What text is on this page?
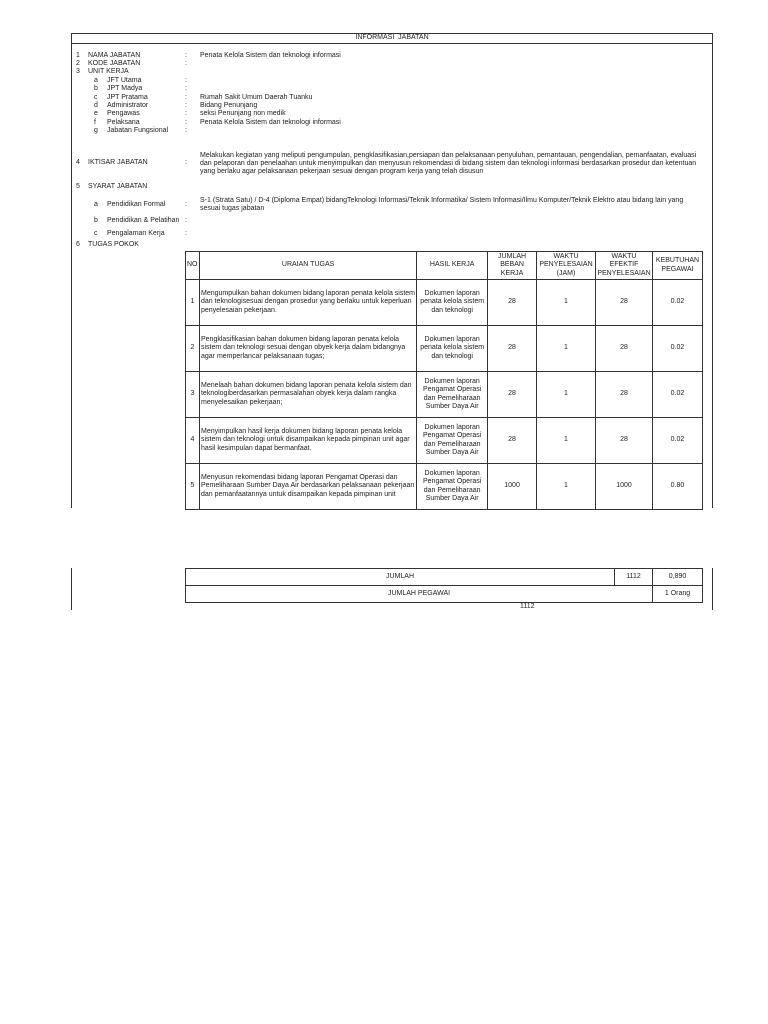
INFORMASI  JABATAN
1 NAMA JABATAN	: Penata Kelola Sistem dan teknologi informasi
2 KODE JABATAN	:
3 UNIT KERJA
a JFT Utama	:
b JPT Madya	:
c JPT Pratama	: Rumah Sakit Umum Daerah Tuanku
d Administrator	: Bidang Penunjang
e Pengawas	: seksi Penunjang non medik
f Pelaksana	: Penata Kelola Sistem dan teknologi informasi
g Jabatan Fungsional :
4 IKTISAR JABATAN	:
Melakukan kegiatan yang meliputi pengumpulan, pengklasifikasian,persiapan dan pelaksanaan penyuluhan, pemantauan, pengendalian, pemanfaatan, evaluasi dan pelaporan dan penelaahan untuk menyimpulkan dan menyusun rekomendasi di bidang sistem dan teknologi informasi berdasarkan prosedur dan ketentuan yang berlaku agar pelaksanaan pekerjaan sesuai dengan program kerja yang telah disusun
5 SYARAT JABATAN
a Pendidikan Formal	:
S-1 (Strata Satu) / D-4 (Diploma Empat) bidangTeknologi Informasi/Teknik Informatika/ Sistem Informasi/Ilmu Komputer/Teknik Elektro atau bidang lain yang sesuai tugas jabatan
b Pendidikan & Pelatihan :
c Pengalaman Kerja	:
6 TUGAS POKOK
NO	URAIAN TUGAS	HASIL KERJA	JUMLAH BEBAN KERJA	WAKTU PENYELESAIAN (JAM)	WAKTU EFEKTIF PENYELESAIAN	KEBUTUHAN PEGAWAI
1	Mengumpulkan bahan dokumen bidang laporan penata kelola sistem dan teknologisesuai dengan prosedur yang berlaku untuk keperluan penyelesaian pekerjaan.	Dokumen laporan penata kelola sistem dan teknologi	28	1	28	0.02
2	Pengklasifikasian bahan dokumen bidang laporan penata kelola sistem dan teknologi sesuai dengan obyek kerja dalam bidangnya agar memperlancar pelaksanaan tugas;	Dokumen laporan penata kelola sistem dan teknologi	28	1	28	0.02
3	Menelaah bahan dokumen bidang laporan penata kelola sistem dan teknologiberdasarkan permasalahan obyek kerja dalam rangka menyelesaikan pekerjaan;	Dokumen laporan Pengamat Operasi dan Pemeliharaan Sumber Daya Air	28	1	28	0.02
4	Menyimpulkan hasil kerja dokumen bidang laporan penata kelola sistem dan teknologi untuk disampaikan kepada pimpinan unit agar hasil kesimpulan dapat bermanfaat.	Dokumen laporan Pengamat Operasi dan Pemeliharaan Sumber Daya Air	28	1	28	0.02
5	Menyusun rekomendasi bidang laporan Pengamat Operasi dan Pemeliharaan Sumber Daya Air berdasarkan pelaksanaan pekerjaan dan pemanfaatannya untuk disampaikan kepada pimpinan unit	Dokumen laporan Pengamat Operasi dan Pemeliharaan Sumber Daya Air	1000	1	1000	0.80
JUMLAH	1112	0,890
JUMLAH PEGAWAI		1 Orang
1112
